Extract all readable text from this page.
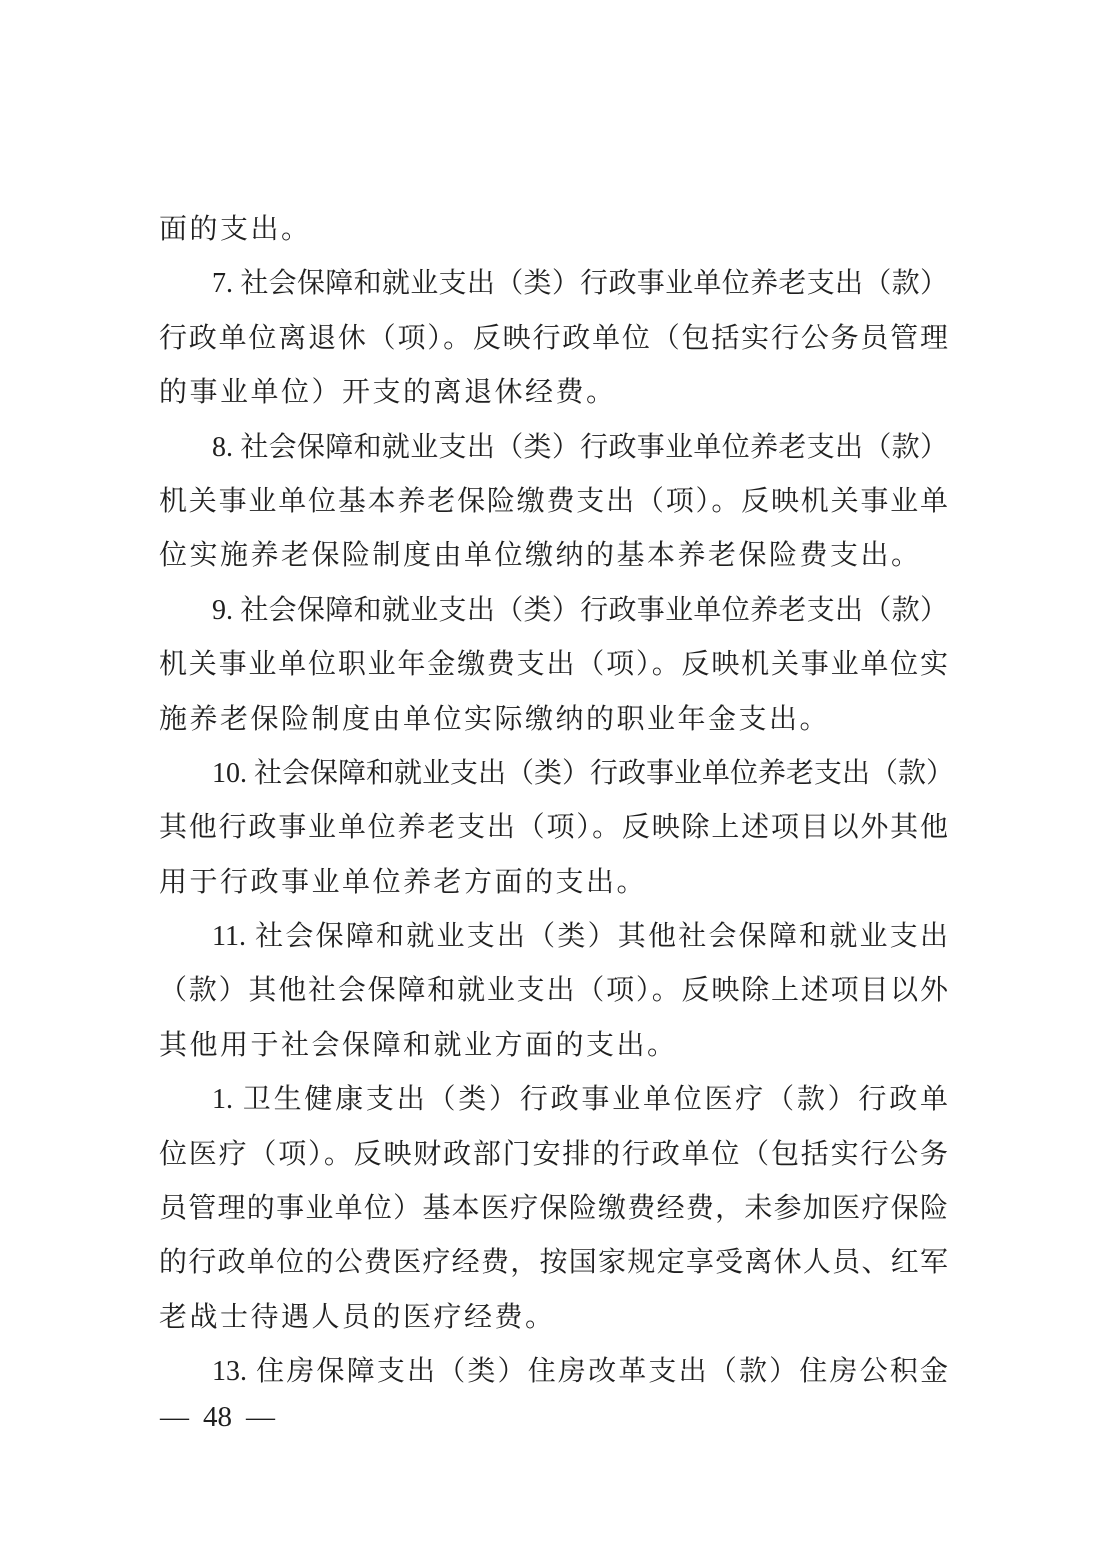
面的支出。
7. 社会保障和就业支出（类）行政事业单位养老支出（款）
行政单位离退休（项）。反映行政单位（包括实行公务员管理
的事业单位）开支的离退休经费。
8. 社会保障和就业支出（类）行政事业单位养老支出（款）
机关事业单位基本养老保险缴费支出（项）。反映机关事业单
位实施养老保险制度由单位缴纳的基本养老保险费支出。
9. 社会保障和就业支出（类）行政事业单位养老支出（款）
机关事业单位职业年金缴费支出（项）。反映机关事业单位实
施养老保险制度由单位实际缴纳的职业年金支出。
10. 社会保障和就业支出（类）行政事业单位养老支出（款）
其他行政事业单位养老支出（项）。反映除上述项目以外其他
用于行政事业单位养老方面的支出。
11. 社会保障和就业支出（类）其他社会保障和就业支出
（款）其他社会保障和就业支出（项）。反映除上述项目以外
其他用于社会保障和就业方面的支出。
1. 卫生健康支出（类）行政事业单位医疗（款）行政单
位医疗（项）。反映财政部门安排的行政单位（包括实行公务
员管理的事业单位）基本医疗保险缴费经费，未参加医疗保险
的行政单位的公费医疗经费，按国家规定享受离休人员、红军
老战士待遇人员的医疗经费。
13. 住房保障支出（类）住房改革支出（款）住房公积金
— 48 —
